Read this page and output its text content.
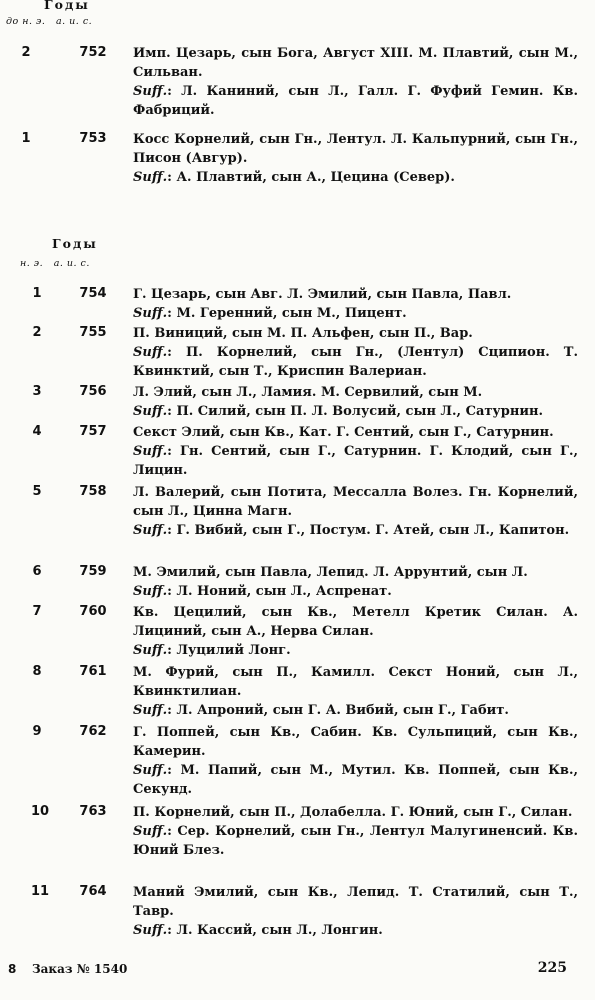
Годы
до н. э.   а. и. с.
2	752	Имп. Цезарь, сын Бога, Август XIII. М. Плавтий, сын М., Сильван.
Suff.: Л. Каниний, сын Л., Галл. Г. Фуфий Гемин. Кв. Фабриций.
1	753	Косс Корнелий, сын Гн., Лентул. Л. Кальпурний, сын Гн., Писон (Авгур).
Suff.: А. Плавтий, сын А., Цецина (Север).
Годы
н. э.   а. и. с.
1	754	Г. Цезарь, сын Авг. Л. Эмилий, сын Павла, Павл.
Suff.: М. Геренний, сын М., Пицент.
2	755	П. Виниций, сын М. П. Альфен, сын П., Вар.
Suff.: П. Корнелий, сын Гн., (Лентул) Сципион. Т. Квинктий, сын Т., Криспин Валериан.
3	756	Л. Элий, сын Л., Ламия. М. Сервилий, сын М.
Suff.: П. Силий, сын П. Л. Волусий, сын Л., Сатурнин.
4	757	Секст Элий, сын Кв., Кат. Г. Сентий, сын Г., Сатурнин.
Suff.: Гн. Сентий, сын Г., Сатурнин. Г. Клодий, сын Г., Лицин.
5	758	Л. Валерий, сын Потита, Мессалла Волез. Гн. Корнелий, сын Л., Цинна Магн.
Suff.: Г. Вибий, сын Г., Постум. Г. Атей, сын Л., Капитон.
6	759	М. Эмилий, сын Павла, Лепид. Л. Аррунтий, сын Л.
Suff.: Л. Ноний, сын Л., Аспренат.
7	760	Кв. Цецилий, сын Кв., Метелл Кретик Силан. А. Лициний, сын А., Нерва Силан.
Suff.: Луцилий Лонг.
8	761	М. Фурий, сын П., Камилл. Секст Ноний, сын Л., Квинктилиан.
Suff.: Л. Апроний, сын Г. А. Вибий, сын Г., Габит.
9	762	Г. Поппей, сын Кв., Сабин. Кв. Сульпиций, сын Кв., Камерин.
Suff.: М. Папий, сын М., Мутил. Кв. Поппей, сын Кв., Секунд.
10	763	П. Корнелий, сын П., Долабелла. Г. Юний, сын Г., Силан.
Suff.: Сер. Корнелий, сын Гн., Лентул Малугиненсий. Кв. Юний Блез.
11	764	Маний Эмилий, сын Кв., Лепид. Т. Статилий, сын Т., Тавр.
Suff.: Л. Кассий, сын Л., Лонгин.
8 Заказ № 1540	225
